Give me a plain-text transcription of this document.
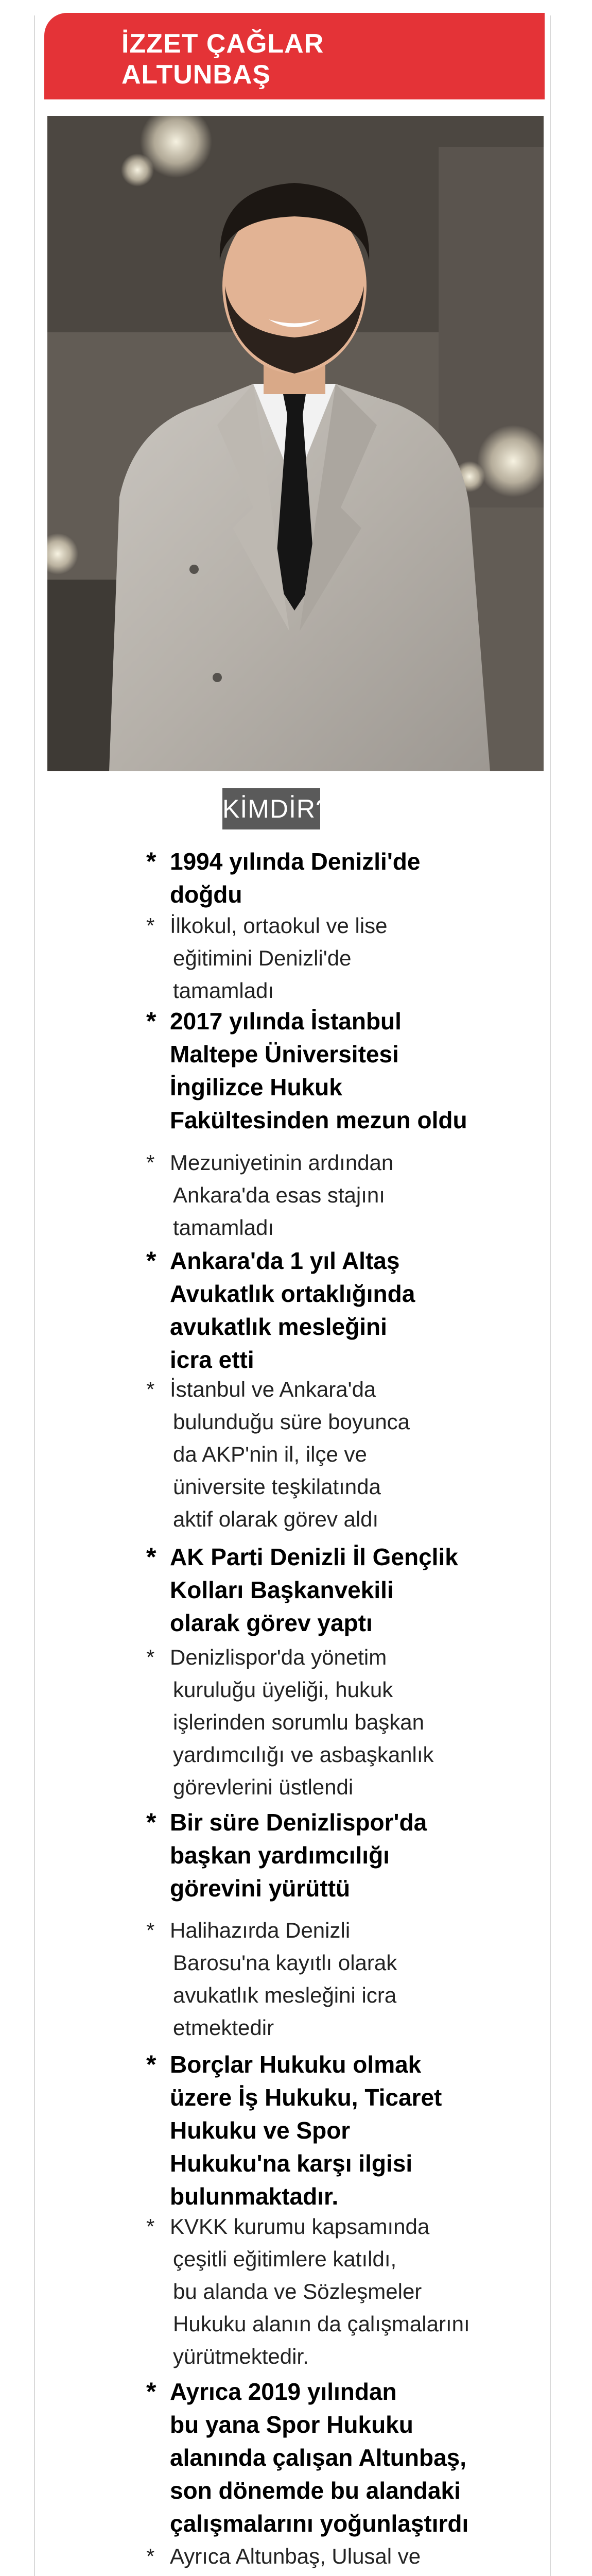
İZZET ÇAĞLAR
ALTUNBAŞ
KİMDİR?
* 1994 yılında Denizli'de
doğdu
* İlkokul, ortaokul ve lise
eğitimini Denizli'de
tamamladı
* 2017 yılında İstanbul
Maltepe Üniversitesi
İngilizce Hukuk
Fakültesinden mezun oldu
* Mezuniyetinin ardından
Ankara'da esas stajını
tamamladı
* Ankara'da 1 yıl Altaş
Avukatlık ortaklığında
avukatlık mesleğini
icra etti
* İstanbul ve Ankara'da
bulunduğu süre boyunca
da AKP'nin il, ilçe ve
üniversite teşkilatında
aktif olarak görev aldı
* AK Parti Denizli İl Gençlik
Kolları Başkanvekili
olarak görev yaptı
* Denizlispor'da yönetim
kuruluğu üyeliği, hukuk
işlerinden sorumlu başkan
yardımcılığı ve asbaşkanlık
görevlerini üstlendi
* Bir süre Denizlispor'da
başkan yardımcılığı
görevini yürüttü
* Halihazırda Denizli
Barosu'na kayıtlı olarak
avukatlık mesleğini icra
etmektedir
* Borçlar Hukuku olmak
üzere İş Hukuku, Ticaret
Hukuku ve Spor
Hukuku'na karşı ilgisi
bulunmaktadır.
* KVKK kurumu kapsamında
çeşitli eğitimlere katıldı,
bu alanda ve Sözleşmeler
Hukuku alanın da çalışmalarını
yürütmektedir.
* Ayrıca 2019 yılından
bu yana Spor Hukuku
alanında çalışan Altunbaş,
son dönemde bu alandaki
çalışmalarını yoğunlaştırdı
* Ayrıca Altunbaş, Ulusal ve
